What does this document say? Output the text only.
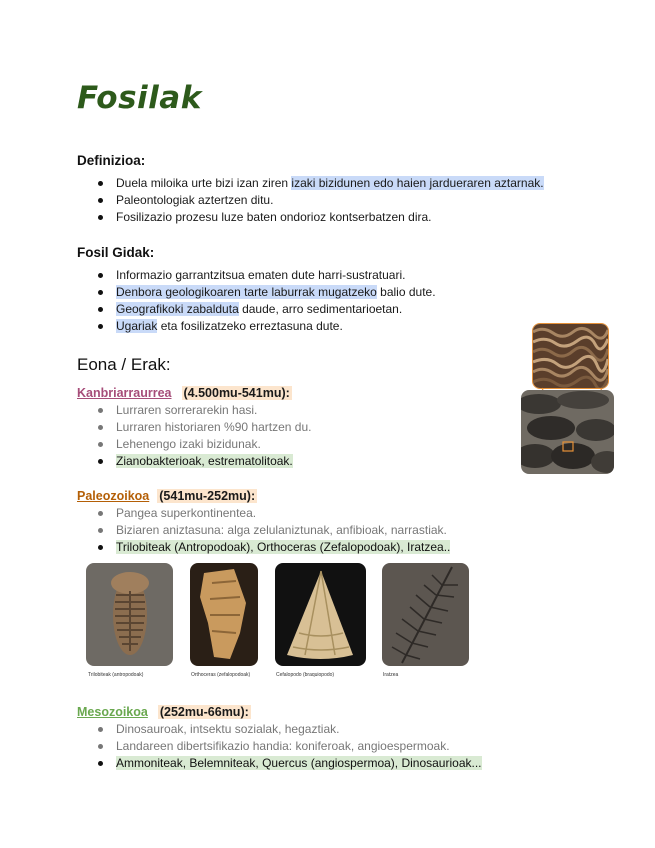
Fosilak
Definizioa:
Duela miloika urte bizi izan ziren izaki bizidunen edo haien jardueraren aztarnak.
Paleontologiak aztertzen ditu.
Fosilizazio prozesu luze baten ondorioz kontserbatzen dira.
Fosil Gidak:
Informazio garrantzitsua ematen dute harri-sustratuari.
Denbora geologikoaren tarte laburrak mugatzeko balio dute.
Geografikoki zabalduta daude, arro sedimentarioetan.
Ugariak eta fosilizatzeko erreztasuna dute.
Eona / Erak:
Kanbriarraurrea (4.500mu-541mu):
Lurraren sorrerarekin hasi.
Lurraren historiaren %90 hartzen du.
Lehenengo izaki bizidunak.
Zianobakterioak, estrematolitoak.
Paleozoikoa (541mu-252mu):
Pangea superkontinentea.
Biziaren aniztasuna: alga zelulaniztunak, anfibioak, narrastiak.
Trilobiteak (Antropodoak), Orthoceras (Zefalopodoak), Iratzea..
Trilobiteak (antropodoak)	Orthoceras (zefalopodoak)	Cefalopodo (braquiopodo)	Iratzea
Mesozoikoa (252mu-66mu):
Dinosauroak, intsektu sozialak, hegaztiak.
Landareen dibertsifikazio handia: koniferoak, angioespermoak.
Ammoniteak, Belemniteak, Quercus (angiospermoa), Dinosaurioak...
